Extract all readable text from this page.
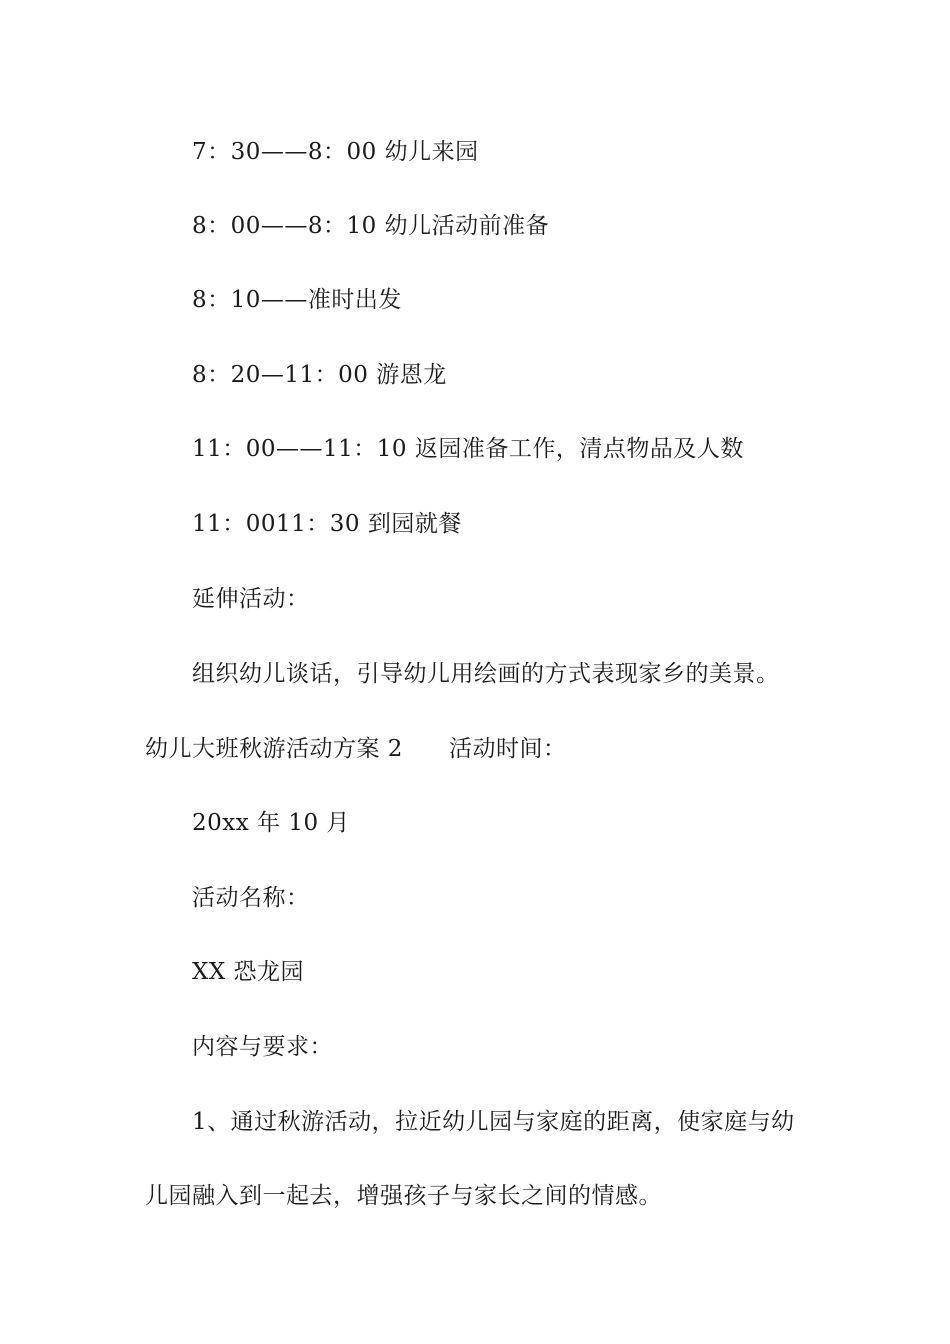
7：30——8：00 幼儿来园
8：00——8：10 幼儿活动前准备
8：10——准时出发
8：20—11：00 游恩龙
11：00——11：10 返园准备工作，清点物品及人数
11：0011：30 到园就餐
延伸活动：
组织幼儿谈话，引导幼儿用绘画的方式表现家乡的美景。
幼儿大班秋游活动方案 2 活动时间：
20xx 年 10 月
活动名称：
XX 恐龙园
内容与要求：
1、通过秋游活动，拉近幼儿园与家庭的距离，使家庭与幼
儿园融入到一起去，增强孩子与家长之间的情感。
